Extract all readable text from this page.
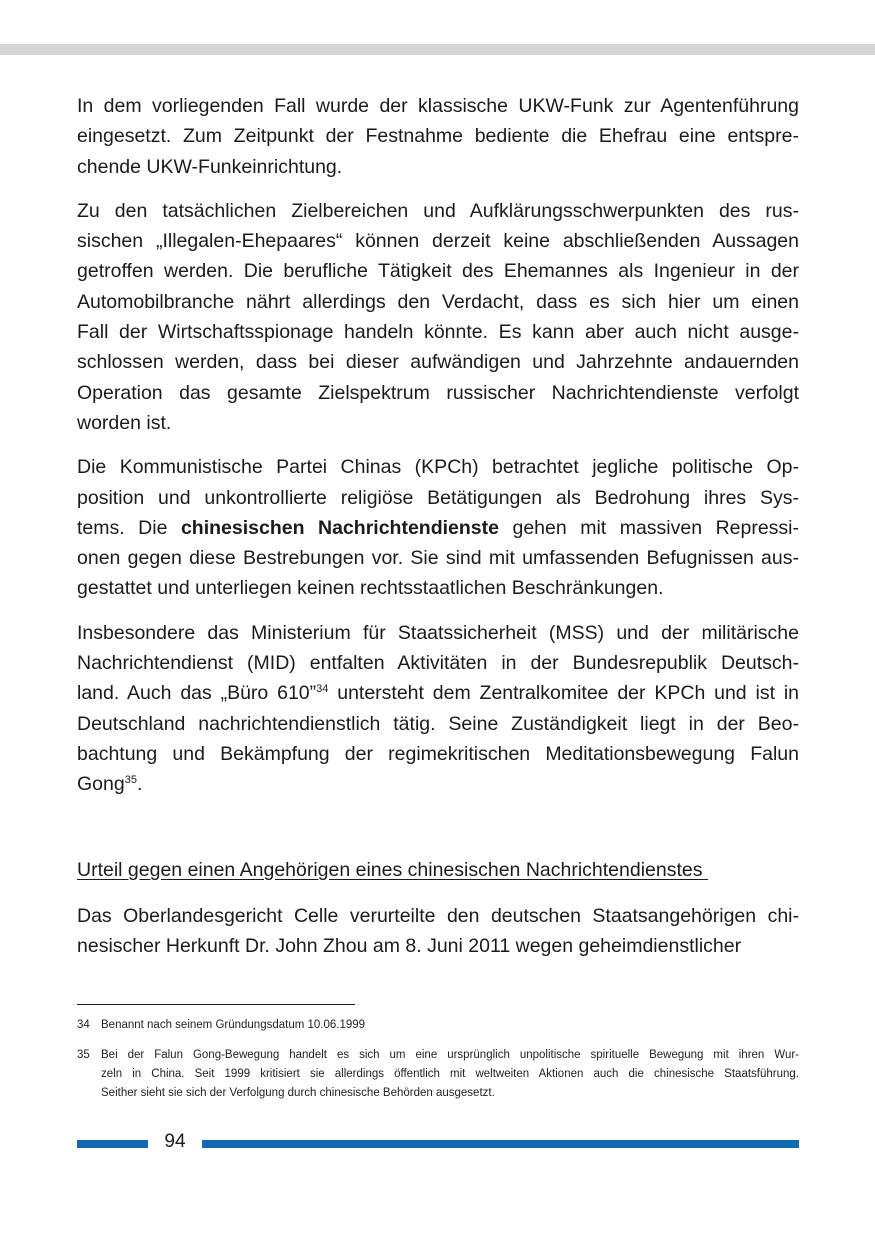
In dem vorliegenden Fall wurde der klassische UKW-Funk zur Agentenführung
eingesetzt. Zum Zeitpunkt der Festnahme bediente die Ehefrau eine entspre-
chende UKW-Funkeinrichtung.

Zu den tatsächlichen Zielbereichen und Aufklärungsschwerpunkten des rus-
sischen „Illegalen-Ehepaares“ können derzeit keine abschließenden Aussagen
getroffen werden. Die berufliche Tätigkeit des Ehemannes als Ingenieur in der
Automobilbranche nährt allerdings den Verdacht, dass es sich hier um einen
Fall der Wirtschaftsspionage handeln könnte. Es kann aber auch nicht ausge-
schlossen werden, dass bei dieser aufwändigen und Jahrzehnte andauernden
Operation das gesamte Zielspektrum russischer Nachrichtendienste verfolgt
worden ist.

Die Kommunistische Partei Chinas (KPCh) betrachtet jegliche politische Op-
position und unkontrollierte religiöse Betätigungen als Bedrohung ihres Sys-
tems. Die chinesischen Nachrichtendienste gehen mit massiven Repressi-
onen gegen diese Bestrebungen vor. Sie sind mit umfassenden Befugnissen aus-
gestattet und unterliegen keinen rechtsstaatlichen Beschränkungen.

Insbesondere das Ministerium für Staatssicherheit (MSS) und der militärische
Nachrichtendienst (MID) entfalten Aktivitäten in der Bundesrepublik Deutsch-
land. Auch das „Büro 610”$^{34}$ untersteht dem Zentralkomitee der KPCh und ist in
Deutschland nachrichtendienstlich tätig. Seine Zuständigkeit liegt in der Beo-
bachtung und Bekämpfung der regimekritischen Meditationsbewegung Falun
Gong$^{35}$.

Urteil gegen einen Angehörigen eines chinesischen Nachrichtendienstes
Das Oberlandesgericht Celle verurteilte den deutschen Staatsangehörigen chi-
nesischer Herkunft Dr. John Zhou am 8. Juni 2011 wegen geheimdienstlicher
34 Benannt nach seinem Gründungsdatum 10.06.1999
35 Bei der Falun Gong-Bewegung handelt es sich um eine ursprünglich unpolitische spirituelle Bewegung mit ihren Wur-
zeln in China. Seit 1999 kritisiert sie allerdings öffentlich mit weltweiten Aktionen auch die chinesische Staatsführung.
Seither sieht sie sich der Verfolgung durch chinesische Behörden ausgesetzt.
94
